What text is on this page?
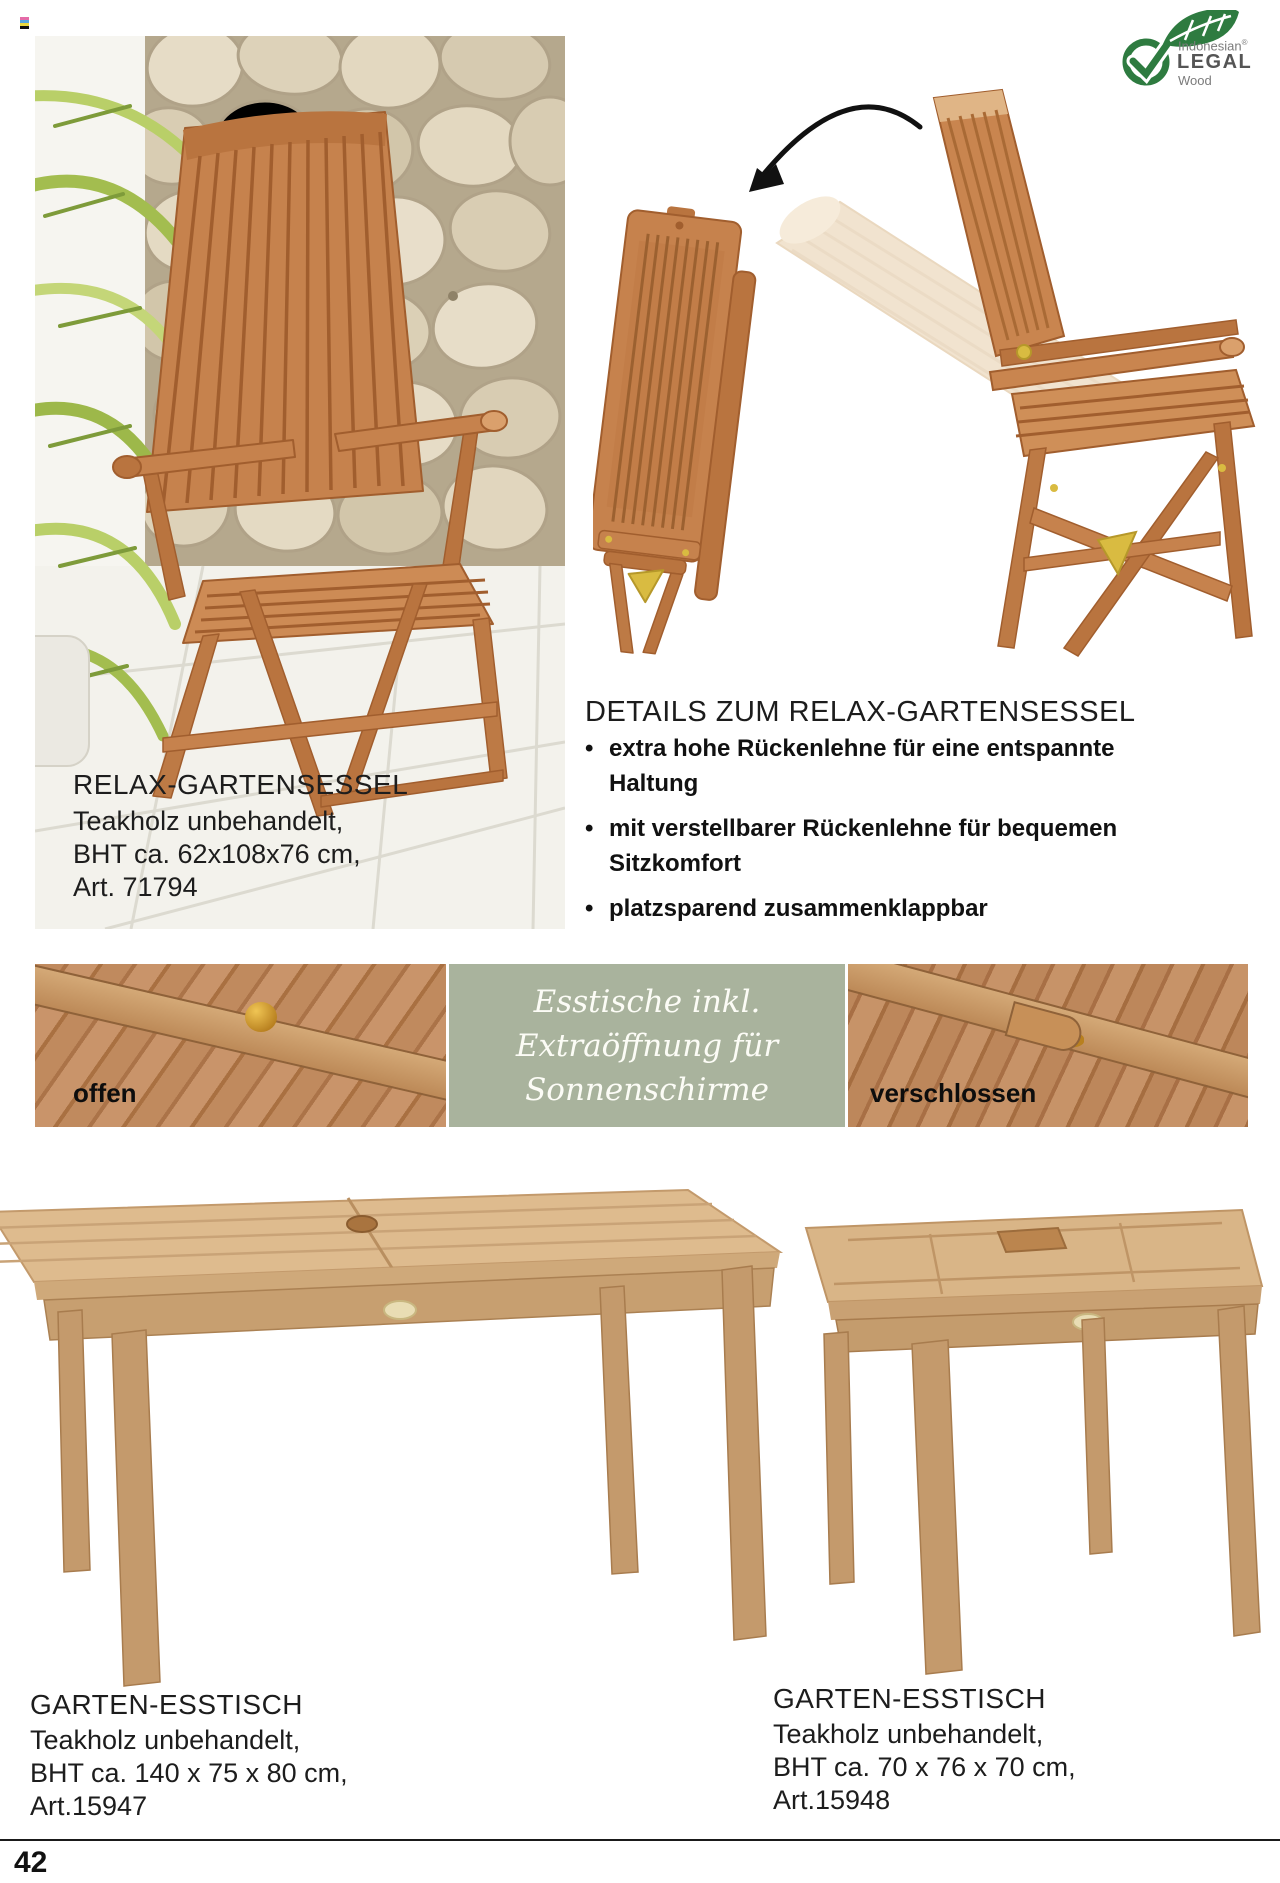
Indonesian®
LEGAL
Wood
RELAX-GARTENSESSEL
Teakholz unbehandelt,
BHT ca. 62x108x76 cm,
Art. 71794
DETAILS ZUM RELAX-GARTENSESSEL
• extra hohe Rückenlehne für eine entspannte Haltung
• mit verstellbarer Rückenlehne für bequemen Sitzkomfort
• platzsparend zusammenklappbar
offen
Esstische inkl.
Extraöffnung für
Sonnenschirme	verschlossen
GARTEN-ESSTISCH
Teakholz unbehandelt,
BHT ca. 140 x 75 x 80 cm,
Art.15947
GARTEN-ESSTISCH
Teakholz unbehandelt,
BHT ca. 70 x 76 x 70 cm,
Art.15948
42
